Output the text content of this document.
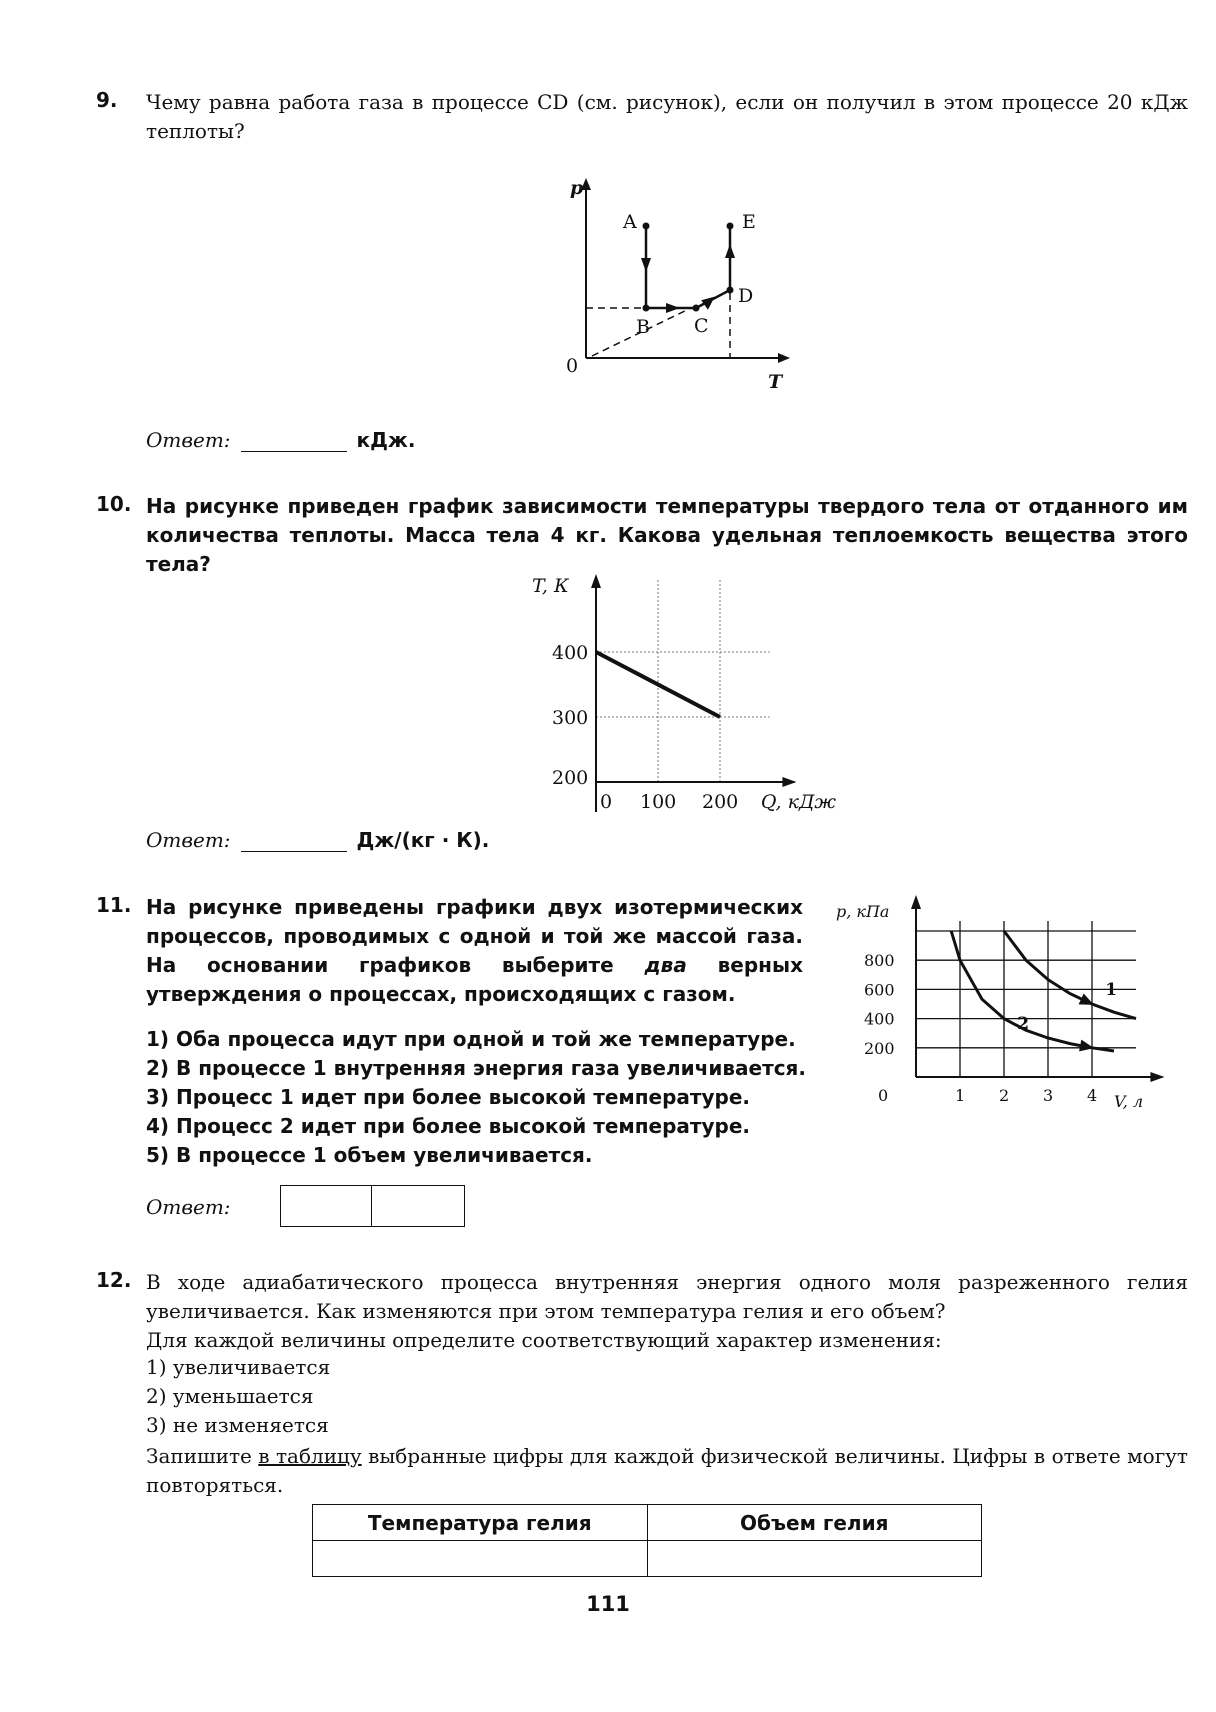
9. Чему равна работа газа в процессе CD (см. рисунок), если он получил в этом процессе 20 кДж теплоты?
p
T
0
A
B C
D
E
Ответ:	кДж.
10. На рисунке приведен график зависимости температуры твердого тела от отданного им количества теплоты. Масса тела 4 кг. Какова удельная теплоемкость вещества этого тела?
T, К
Q, кДж
200
300
400
0 100 200
Ответ:	Дж/(кг · К).
11. На рисунке приведены графики двух изотермических процессов, проводимых с одной и той же массой газа. На основании графиков выберите два верных утверждения о процессах, происходящих с газом.
1) Оба процесса идут при одной и той же температуре.
2) В процессе 1 внутренняя энергия газа увеличивается.
3) Процесс 1 идет при более высокой температуре.
4) Процесс 2 идет при более высокой температуре.
5) В процессе 1 объем увеличивается.
p, кПа
V, л
200
400
600
800
0	1 2 3 4
1
2
Ответ:
12. В ходе адиабатического процесса внутренняя энергия одного моля разреженного гелия увеличивается. Как изменяются при этом температура гелия и его объем?
Для каждой величины определите соответствующий характер изменения:
1) увеличивается
2) уменьшается
3) не изменяется
Запишите в таблицу выбранные цифры для каждой физической величины. Цифры в ответе могут повторяться.
Температура гелия	Объем гелия

111
